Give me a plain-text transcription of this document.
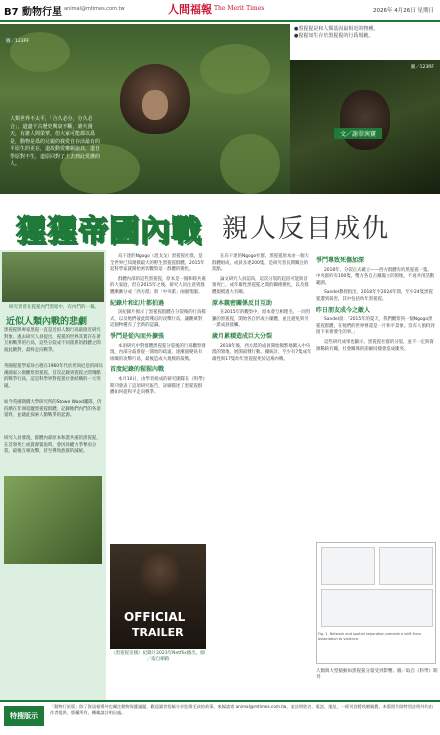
B7 動物行星 animal@mtimes.com.tw	人間福報 The Merit Times	2026年 4月26日 星期日
圖／123RF
人類世界不太平，「合久必分，分久必合」，道盡千古歷史興衰不斷，誰火漫天，有誰人間榮華，但大家可能都以爲是，動物是爲的兄親的我愛自存活最有的平原生的更在，道故動愛權願說其，道自學原對不生，道原回對了上去到此愛護的人。
●黑猩猩是和人類基因最相近的物種。
●猩猩如生存於黑猩猩的行爲規範。
圖／123RF
文／謝翠茜寶
猩猩帝國內戰 親人反目成仇
研究者曾在猩猩內鬥黑暗中，有內鬥的一幕。
近似人類內戰的悲劇
黑猩猩與專家黑猩一直是近似人類行爲最接近研究對象。過去研究人員提出，猩猩的世界其實存在著互相戰爭的行爲，這些分裂成不同派系的群體之間彼此敵對，最終走向戰爭。
英國猩猩學家珍古德在1960年代於坦尚尼亞的岡貝溪國家公園觀察黑猩猩，首次記錄到猩猩之間殘酷的戰爭行爲，這是科學界對猩猩社會結構的一大突破。
如今英國劍橋大學研究所的Stowe Wood團隊，仍持續在非洲追蹤黑猩猩群體，記錄牠們內鬥的各項資料，並藉此探索人類戰爭的起源。
研究人員發現，群體內部原本和諧共處的黑猩猩，在首領死亡或資源緊張時，會因爲權力爭奪而分裂，最後互相攻擊，甚至導致族群的滅絕。

烏干達的Ngogo（恩戈戈）黑猩猩社群，是全世界已知規模最大的野生黑猩猩群體。2015年起科學家就開始密切觀察這一群體的變化。

群體內部的這些黑猩猩，原本是一個和睦共處的大家庭，但在2015年之後，研究人員注意到群體漸漸分成「西方派」與「中央派」兩個集團。

紀錄片和幻片都拍過

該紀錄片揭示了黑猩猩群體在分裂後的行爲模式，以及牠們彼此間殘忍的攻擊行爲，讓觀眾對這個物種有了全新的認識。

爭鬥是從內而外擴張

本項研究中對群體黑猩猩分裂後的行爲觀察發現，內部分歧會從一開始的疏遠，逐漸演變爲有組織的攻擊行爲，最後造成大規模的殺戮。

首度紀錄的猩猩內戰

本月10日，由學者組成的研究團隊在《科學》期刊發表了這項研究報告，詳細描述了黑猩猩群體如何從和平走向戰爭。

OFFICIAL
TRAILER
《黑猩猩帝國》紀錄片2023年Netflix播出。圖／取自網路

在烏干達的Ngogo社群，黑猩猩原本由一個大群體組成，成員多達200隻，是研究者長期關注的焦點。

論文研究人員認爲，這次分裂的起因可能與首領死亡、成年雄性黑猩猩之間的關係變化，以及群體規模過大有關。

原本親密關係反目互助

在2015年的觀察中，原本會互相理毛、一同狩獵的黑猩猩，開始各自形成小團體，並且避免與另一派成員接觸。

歲月累積造成巨大分裂

2018年後，西方派的成員開始頻繁地闖入中央派的領地，展開殺戮行動。據統計，至少有7隻成年雄性與17隻幼年黑猩猩死於這場內戰。

爭鬥專致死傷加深

2018年，分裂正式確立——西方群體有約黑猩猩一隻。中央群約有100隻。雙方各自占據獨立的領地，不再共用活動範圍。

Sandel教授指出，2018年至2024年間，至少24隻黑猩猩遭到殺害，其中包括幼年黑猩猩。

昨日朋友成今之敵人

Sandel說：「2015年的夏天，我們觀察到一個Ngogo黑猩猩群體，在牠們的世界裡還是一片和平景象。沒有人預料到接下來會發生的事。」

這些研究成果也顯示，黑猩猩社群的分裂，並不一定與資源稀缺有關，社會關係的崩解同樣會造成衝突。

Fig. 1. Network and spatial separation precede a shift from association to violence.
人類與大型猿猴如黑猩猩分裂受到影響。圖／取自《科學》期刊
特搜版示
「動物行星版」除了資訊報導外也關注動物保護議題，歡迎讀者投稿分享您與毛孩的故事。來稿請寄 animal@mtimes.com.tw，並註明姓名、電話、地址，一經刊登將致贈稿費。本版照片除特別註明外均由作者提供，版權所有，轉載請註明出處。
